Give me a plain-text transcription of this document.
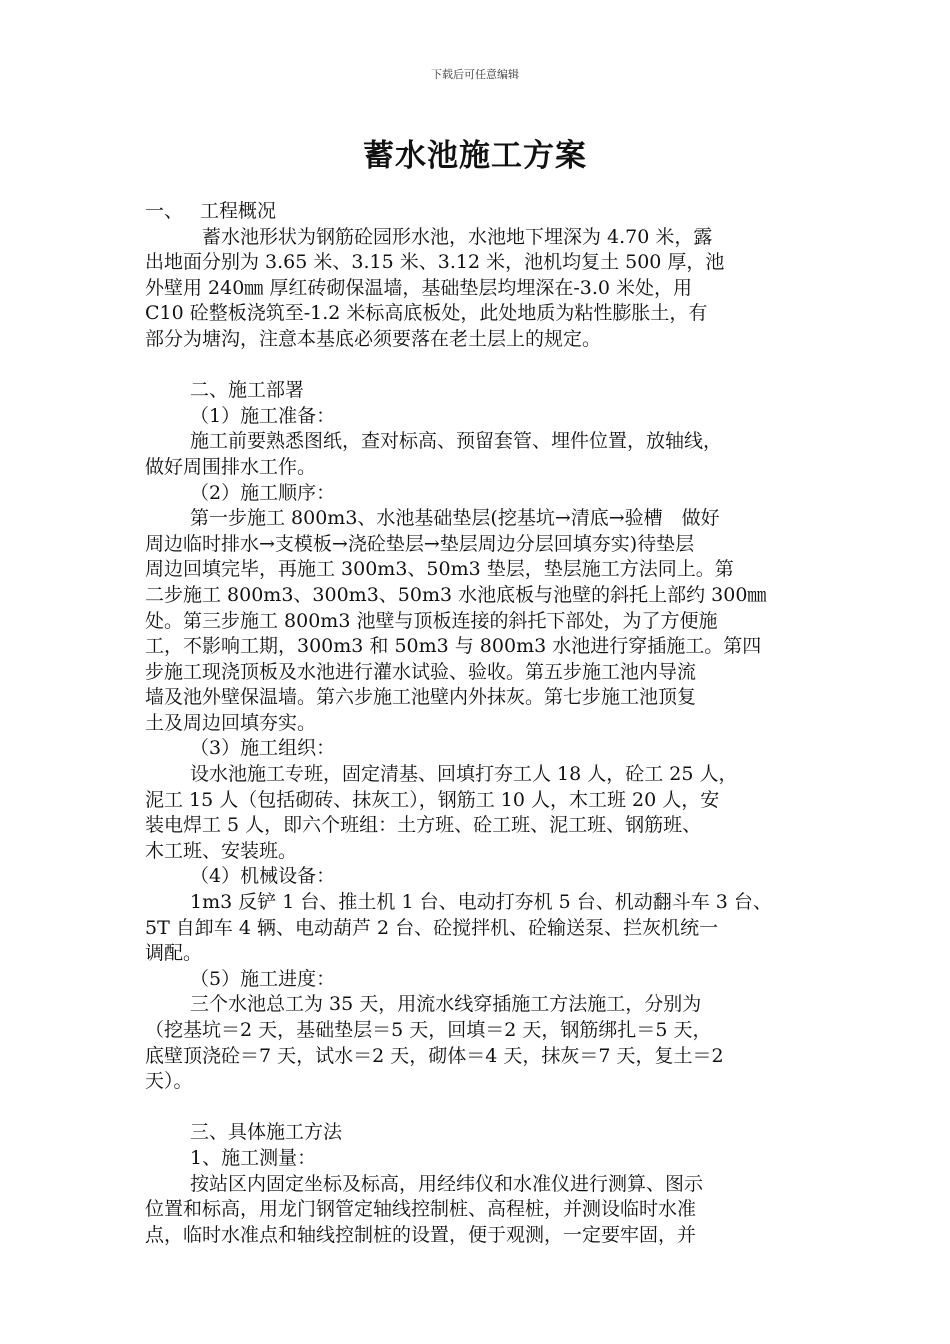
下载后可任意编辑
蓄水池施工方案
一、 工程概况
蓄水池形状为钢筋砼园形水池，水池地下埋深为 4.70 米，露
出地面分别为 3.65 米、3.15 米、3.12 米，池机均复土 500 厚，池
外壁用 240㎜ 厚红砖砌保温墙，基础垫层均埋深在-3.0 米处，用
C10 砼整板浇筑至-1.2 米标高底板处，此处地质为粘性膨胀土，有
部分为塘沟，注意本基底必须要落在老土层上的规定。
二、施工部署
（1）施工准备：
施工前要熟悉图纸，查对标高、预留套管、埋件位置，放轴线，
做好周围排水工作。
（2）施工顺序：
第一步施工 800m3、水池基础垫层(挖基坑→清底→验槽　做好
周边临时排水→支模板→浇砼垫层→垫层周边分层回填夯实)待垫层
周边回填完毕，再施工 300m3、50m3 垫层，垫层施工方法同上。第
二步施工 800m3、300m3、50m3 水池底板与池壁的斜托上部约 300㎜
处。第三步施工 800m3 池壁与顶板连接的斜托下部处，为了方便施
工，不影响工期，300m3 和 50m3 与 800m3 水池进行穿插施工。第四
步施工现浇顶板及水池进行灌水试验、验收。第五步施工池内导流
墙及池外壁保温墙。第六步施工池壁内外抹灰。第七步施工池顶复
土及周边回填夯实。
（3）施工组织：
设水池施工专班，固定清基、回填打夯工人 18 人，砼工 25 人，
泥工 15 人（包括砌砖、抹灰工），钢筋工 10 人，木工班 20 人，安
装电焊工 5 人，即六个班组：土方班、砼工班、泥工班、钢筋班、
木工班、安装班。
（4）机械设备：
1m3 反铲 1 台、推土机 1 台、电动打夯机 5 台、机动翻斗车 3 台、
5T 自卸车 4 辆、电动葫芦 2 台、砼搅拌机、砼输送泵、拦灰机统一
调配。
（5）施工进度：
三个水池总工为 35 天，用流水线穿插施工方法施工，分别为
（挖基坑＝2 天，基础垫层＝5 天，回填＝2 天，钢筋绑扎＝5 天，
底壁顶浇砼＝7 天，试水＝2 天，砌体＝4 天，抹灰＝7 天，复土＝2
天）。
三、具体施工方法
1、施工测量：
按站区内固定坐标及标高，用经纬仪和水准仪进行测算、图示
位置和标高，用龙门钢管定轴线控制桩、高程桩，并测设临时水准
点，临时水准点和轴线控制桩的设置，便于观测，一定要牢固，并
